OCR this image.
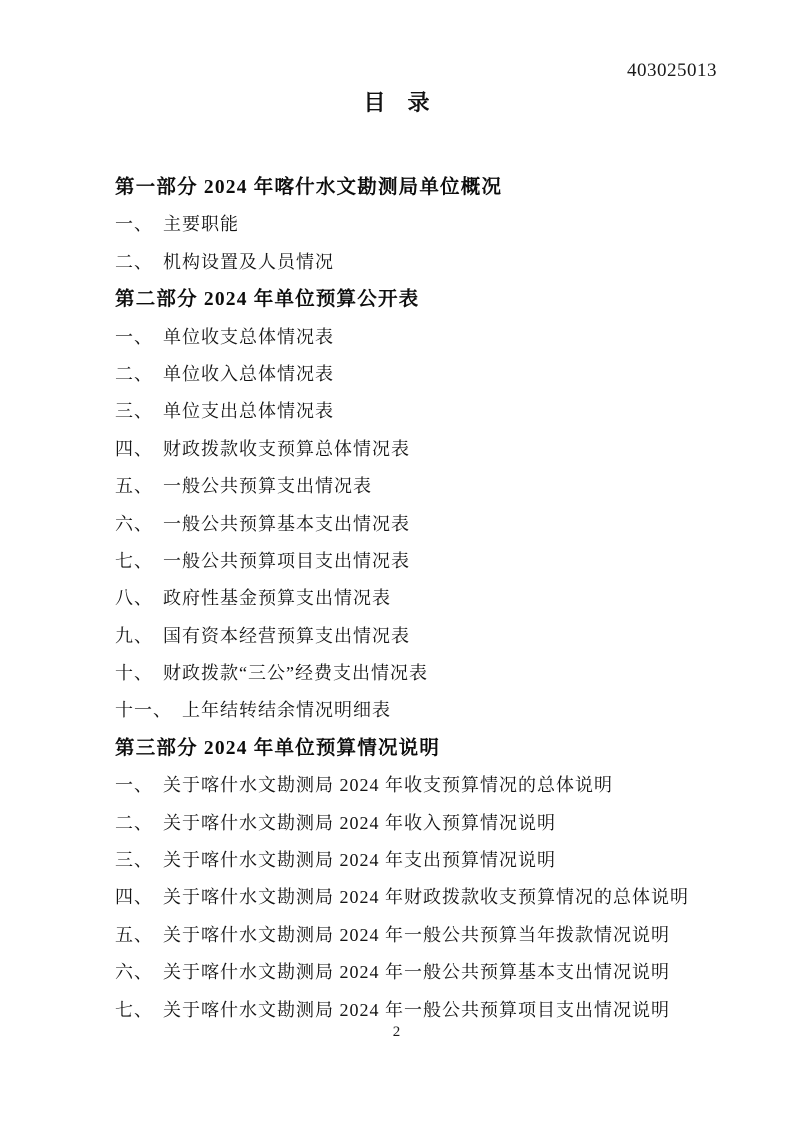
403025013
目　录
第一部分 2024 年喀什水文勘测局单位概况
一、 主要职能
二、 机构设置及人员情况
第二部分 2024 年单位预算公开表
一、 单位收支总体情况表
二、 单位收入总体情况表
三、 单位支出总体情况表
四、 财政拨款收支预算总体情况表
五、 一般公共预算支出情况表
六、 一般公共预算基本支出情况表
七、 一般公共预算项目支出情况表
八、 政府性基金预算支出情况表
九、 国有资本经营预算支出情况表
十、 财政拨款“三公”经费支出情况表
十一、 上年结转结余情况明细表
第三部分 2024 年单位预算情况说明
一、 关于喀什水文勘测局 2024 年收支预算情况的总体说明
二、 关于喀什水文勘测局 2024 年收入预算情况说明
三、 关于喀什水文勘测局 2024 年支出预算情况说明
四、 关于喀什水文勘测局 2024 年财政拨款收支预算情况的总体说明
五、 关于喀什水文勘测局 2024 年一般公共预算当年拨款情况说明
六、 关于喀什水文勘测局 2024 年一般公共预算基本支出情况说明
七、 关于喀什水文勘测局 2024 年一般公共预算项目支出情况说明
2
